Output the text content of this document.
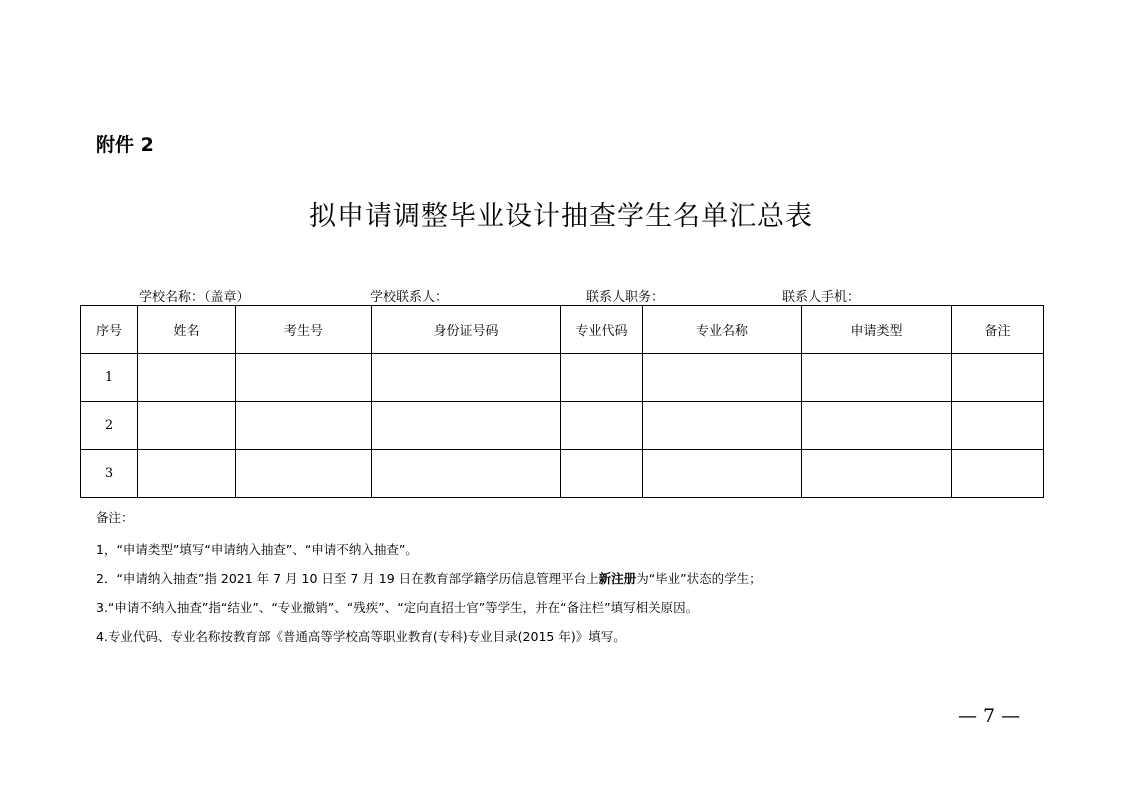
附件 2
拟申请调整毕业设计抽查学生名单汇总表
学校名称：（盖章）	学校联系人：	联系人职务：	联系人手机：
序号	姓名	考生号	身份证号码	专业代码	专业名称	申请类型	备注
1							
2							
3							
备注：
1，“申请类型”填写“申请纳入抽查”、“申请不纳入抽查”。
2．“申请纳入抽查”指 2021 年 7 月 10 日至 7 月 19 日在教育部学籍学历信息管理平台上新注册为“毕业”状态的学生；
3.“申请不纳入抽查”指“结业”、“专业撤销”、“残疾”、“定向直招士官”等学生，并在“备注栏”填写相关原因。
4.专业代码、专业名称按教育部《普通高等学校高等职业教育(专科)专业目录(2015 年)》填写。
— 7 —
